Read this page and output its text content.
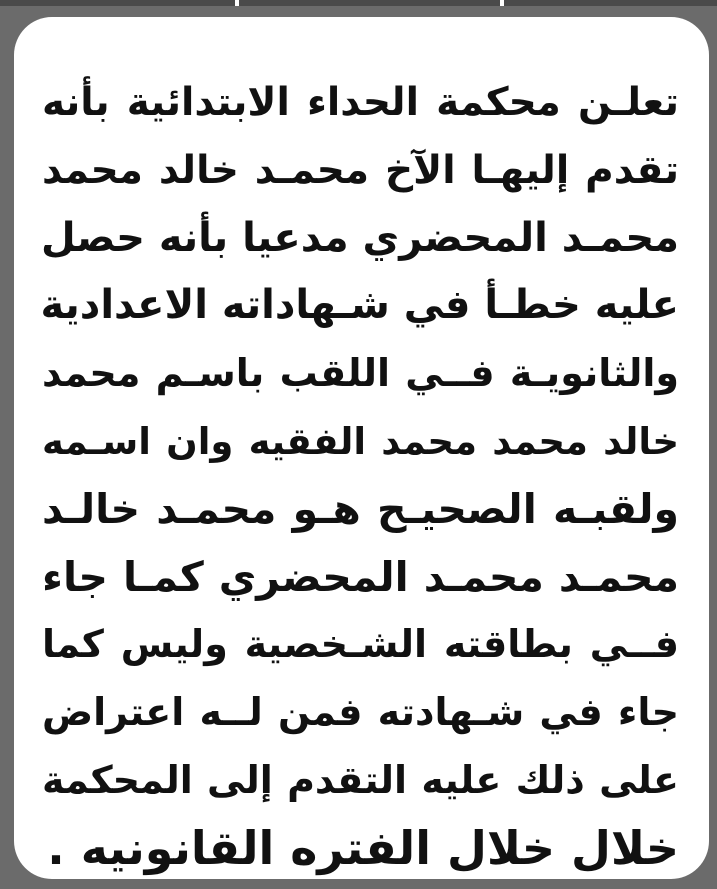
تعلـن محكمة الحداء الابتدائية بأنه
تقدم إليهـا الآخ محمـد خالد محمد
محمـد المحضري مدعيا بأنه حصل
عليه خطـأ في شـهاداته الاعدادية
والثانويـة فــي اللقب باسـم محمد
خالد محمد محمد الفقيه وان اسـمه
ولقبـه الصحيـح هـو محمـد خالـد
محمـد محمـد المحضري كمـا جاء
فــي بطاقته الشـخصية وليس كما
جاء في شـهادته فمن لــه اعتراض
على ذلك عليه التقدم إلى المحكمة
خلال خلال الفتره القانونيه .
